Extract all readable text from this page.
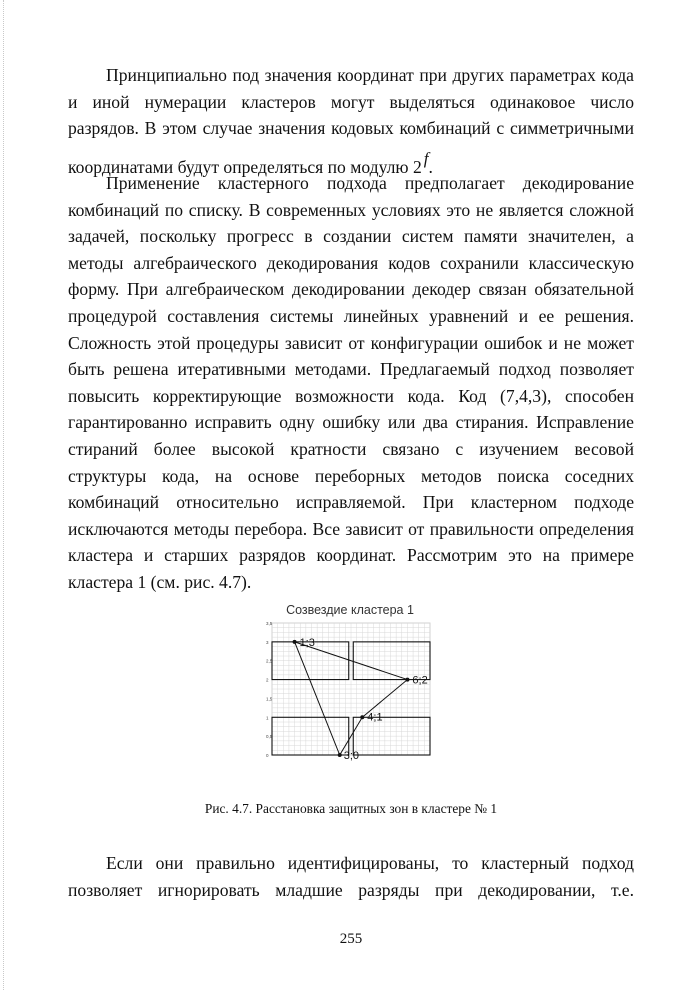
Принципиально под значения координат при других параметрах кода

и иной нумерации кластеров могут выделяться одинаковое число

разрядов. В этом случае значения кодовых комбинаций с симметричными

координатами будут определяться по модулю 2 f.

Применение кластерного подхода предполагает декодирование

комбинаций по списку. В современных условиях это не является сложной

задачей, поскольку прогресс в создании систем памяти значителен, а

методы алгебраического декодирования кодов сохранили классическую

форму. При алгебраическом декодировании декодер связан обязательной

процедурой составления системы линейных уравнений и ее решения.

Сложность этой процедуры зависит от конфигурации ошибок и не может

быть решена итеративными методами. Предлагаемый подход позволяет

повысить корректирующие возможности кода. Код (7,4,3), способен

гарантированно исправить одну ошибку или два стирания. Исправление

стираний более высокой кратности связано с изучением весовой

структуры кода, на основе переборных методов поиска соседних

комбинаций относительно исправляемой. При кластерном подходе

исключаются методы перебора. Все зависит от правильности определения

кластера и старших разрядов координат. Рассмотрим это на примере

кластера 1 (см. рис. 4.7).

Созвездие кластера 1
3,5
3
2,5
2
1,5
1
0,5
0
1;3
6;2
4;1
3;0
Рис. 4.7. Расстановка защитных зон в кластере № 1

Если они правильно идентифицированы, то кластерный подход

позволяет игнорировать младшие разряды при декодировании, т.е.

255
